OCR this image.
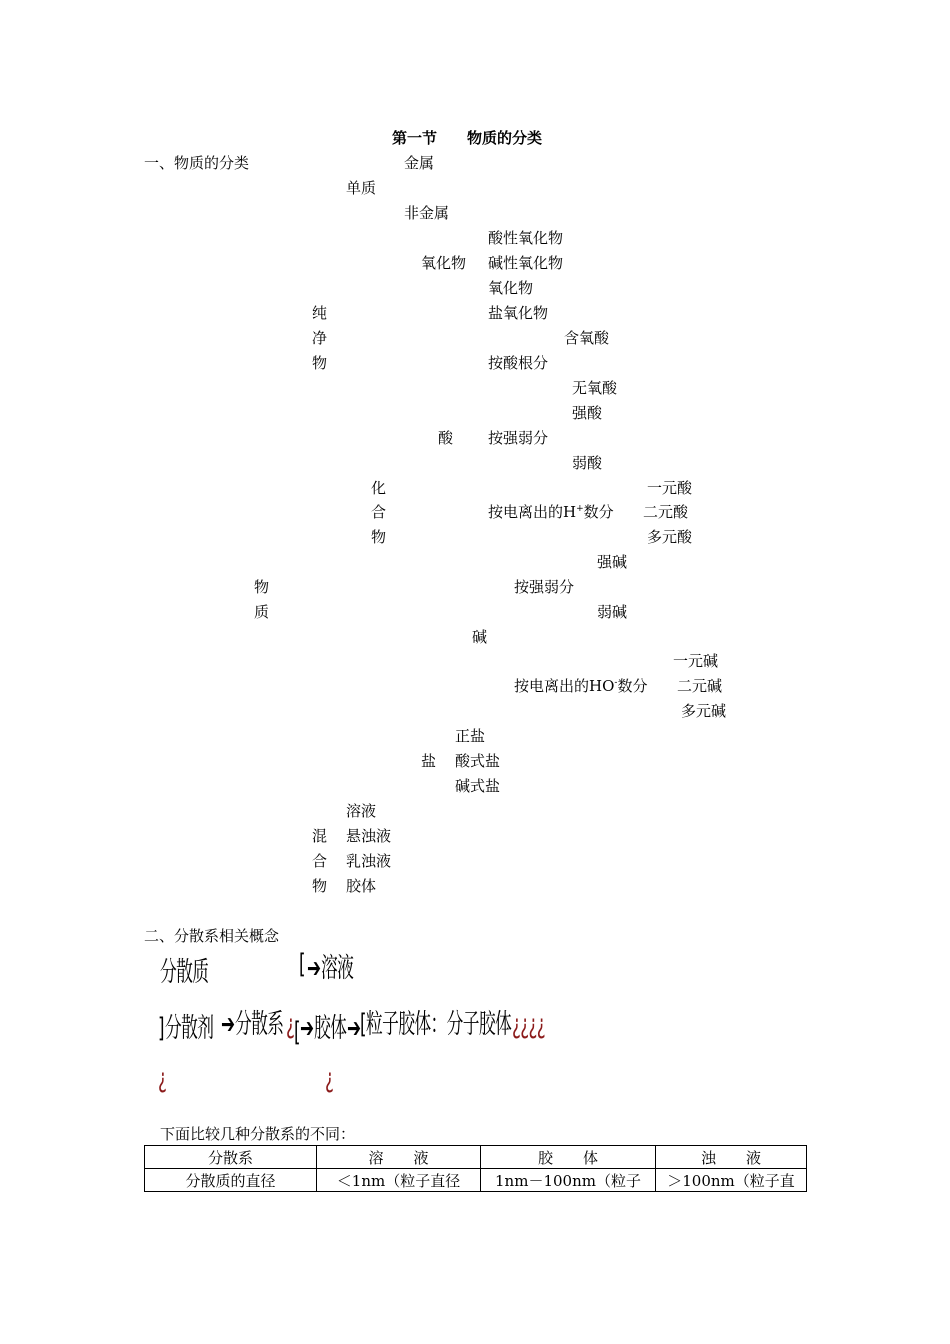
第一节　　物质的分类
一、物质的分类	金属
单质
非金属
酸性氧化物
氧化物 碱性氧化物
氧化物
纯	盐氧化物
净	含氧酸
物	按酸根分
无氧酸
强酸
酸 按强弱分
弱酸
化	一元酸
合	按电离出的H+数分 二元酸
物	多元酸
强碱
物	按强弱分
质	弱碱
碱
一元碱
按电离出的HO-数分 二元碱
多元碱
正盐
盐 酸式盐
碱式盐
溶液
混 悬浊液
合 乳浊液
物 胶体
二、分散系相关概念
分散质	[ ➔ 溶液
] 分散剂 ➔ 分散系 ¿ [ ➔ 胶体 ➔ [ 粒子胶体：分子胶体 ¿¿¿¿
¿	¿
下面比较几种分散系的不同：
分散系	溶　　液	胶　　体	浊　　液
分散质的直径	＜1nm（粒子直径	1nm－100nm（粒子	＞100nm（粒子直
